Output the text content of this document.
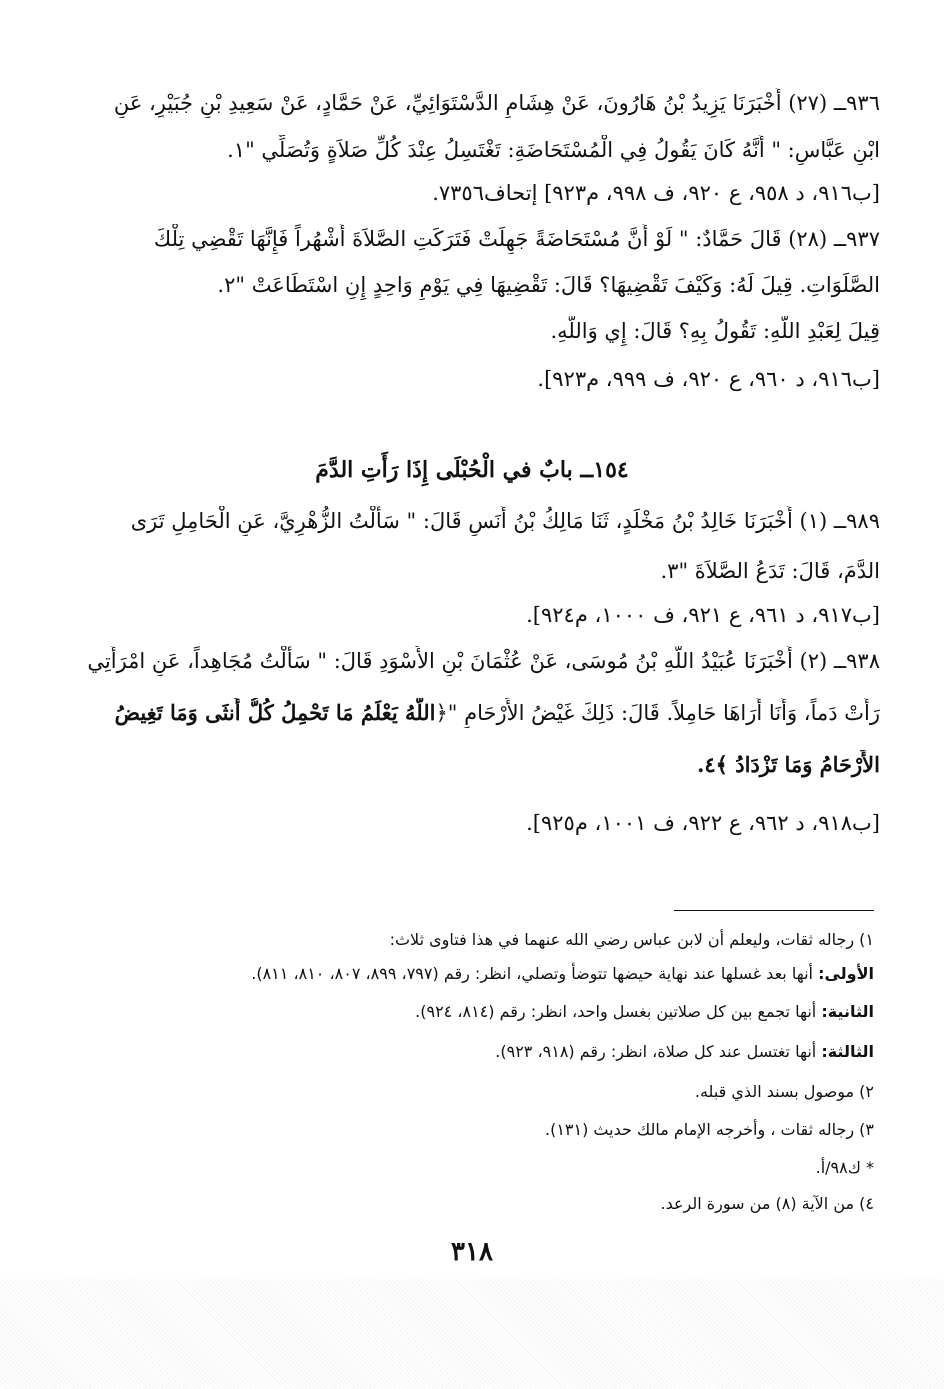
٩٣٦ــ (٢٧) أَخْبَرَنَا يَزِيدُ بْنُ هَارُونَ، عَنْ هِشَامٍ الدَّسْتَوَائِيِّ، عَنْ حَمَّادٍ، عَنْ سَعِيدِ بْنِ جُبَيْرٍ، عَنِ
ابْنِ عَبَّاسٍ: " أَنَّهُ كَانَ يَقُولُ فِي الْمُسْتَحَاضَةِ: تَغْتَسِلُ عِنْدَ كُلِّ صَلاَةٍ وَتُصَلِّي "١.
[ب٩١٦، د ٩٥٨، ع ٩٢٠، ف ٩٩٨، م٩٢٣] إتحاف٧٣٥٦.
٩٣٧ــ (٢٨) قَالَ حَمَّادٌ: " لَوْ أَنَّ مُسْتَحَاضَةً جَهِلَتْ فَتَرَكَتِ الصَّلاَةَ أَشْهُراً فَإِنَّهَا تَقْضِي تِلْكَ
الصَّلَوَاتِ. قِيلَ لَهُ: وَكَيْفَ تَقْضِيهَا؟ قَالَ: تَقْضِيهَا فِي يَوْمٍ وَاحِدٍ إِنِ اسْتَطَاعَتْ "٢.
قِيلَ لِعَبْدِ اللَّهِ: تَقُولُ بِهِ؟ قَالَ: إِي وَاللَّهِ.
[ب٩١٦، د ٩٦٠، ع ٩٢٠، ف ٩٩٩، م٩٢٣].
١٥٤ــ بابٌ في الْحُبْلَى إِذَا رَأَتِ الدَّمَ
٩٨٩ــ (١) أَخْبَرَنَا خَالِدُ بْنُ مَخْلَدٍ، ثَنَا مَالِكُ بْنُ أَنَسٍ قَالَ: " سَأَلْتُ الزُّهْرِيَّ، عَنِ الْحَامِلِ تَرَى
الدَّمَ، قَالَ: تَدَعُ الصَّلاَةَ "٣.
[ب٩١٧، د ٩٦١، ع ٩٢١، ف ١٠٠٠، م٩٢٤].
٩٣٨ــ (٢) أَخْبَرَنَا عُبَيْدُ اللَّهِ بْنُ مُوسَى، عَنْ عُثْمَانَ بْنِ الأَسْوَدِ قَالَ: " سَأَلْتُ مُجَاهِداً، عَنِ امْرَأَتِي
رَأَتْ دَماً، وَأَنَا أُرَاهَا حَامِلاً. قَالَ: ذَلِكَ غَيْضُ الأَرْحَامِ "﴿اللَّهُ يَعْلَمُ مَا تَحْمِلُ كُلُّ أُنثَى وَمَا تَغِيضُ
الأَرْحَامُ وَمَا تَزْدَادُ ﴾٤.
[ب٩١٨، د ٩٦٢، ع ٩٢٢، ف ١٠٠١، م٩٢٥].
١) رجاله ثقات، وليعلم أن لابن عباس رضي الله عنهما في هذا فتاوى ثلاث:
الأولى: أنها بعد غسلها عند نهاية حيضها تتوضأ وتصلي، انظر: رقم (٧٩٧، ٨٩٩، ٨٠٧، ٨١٠، ٨١١).
الثانية: أنها تجمع بين كل صلاتين بغسل واحد، انظر: رقم (٨١٤، ٩٢٤).
الثالثة: أنها تغتسل عند كل صلاة، انظر: رقم (٩١٨، ٩٢٣).
٢) موصول بسند الذي قبله.
٣) رجاله ثقات ، وأخرجه الإمام مالك حديث (١٣١).
* ك٩٨/أ.
٤) من الآية (٨) من سورة الرعد.
٣١٨
